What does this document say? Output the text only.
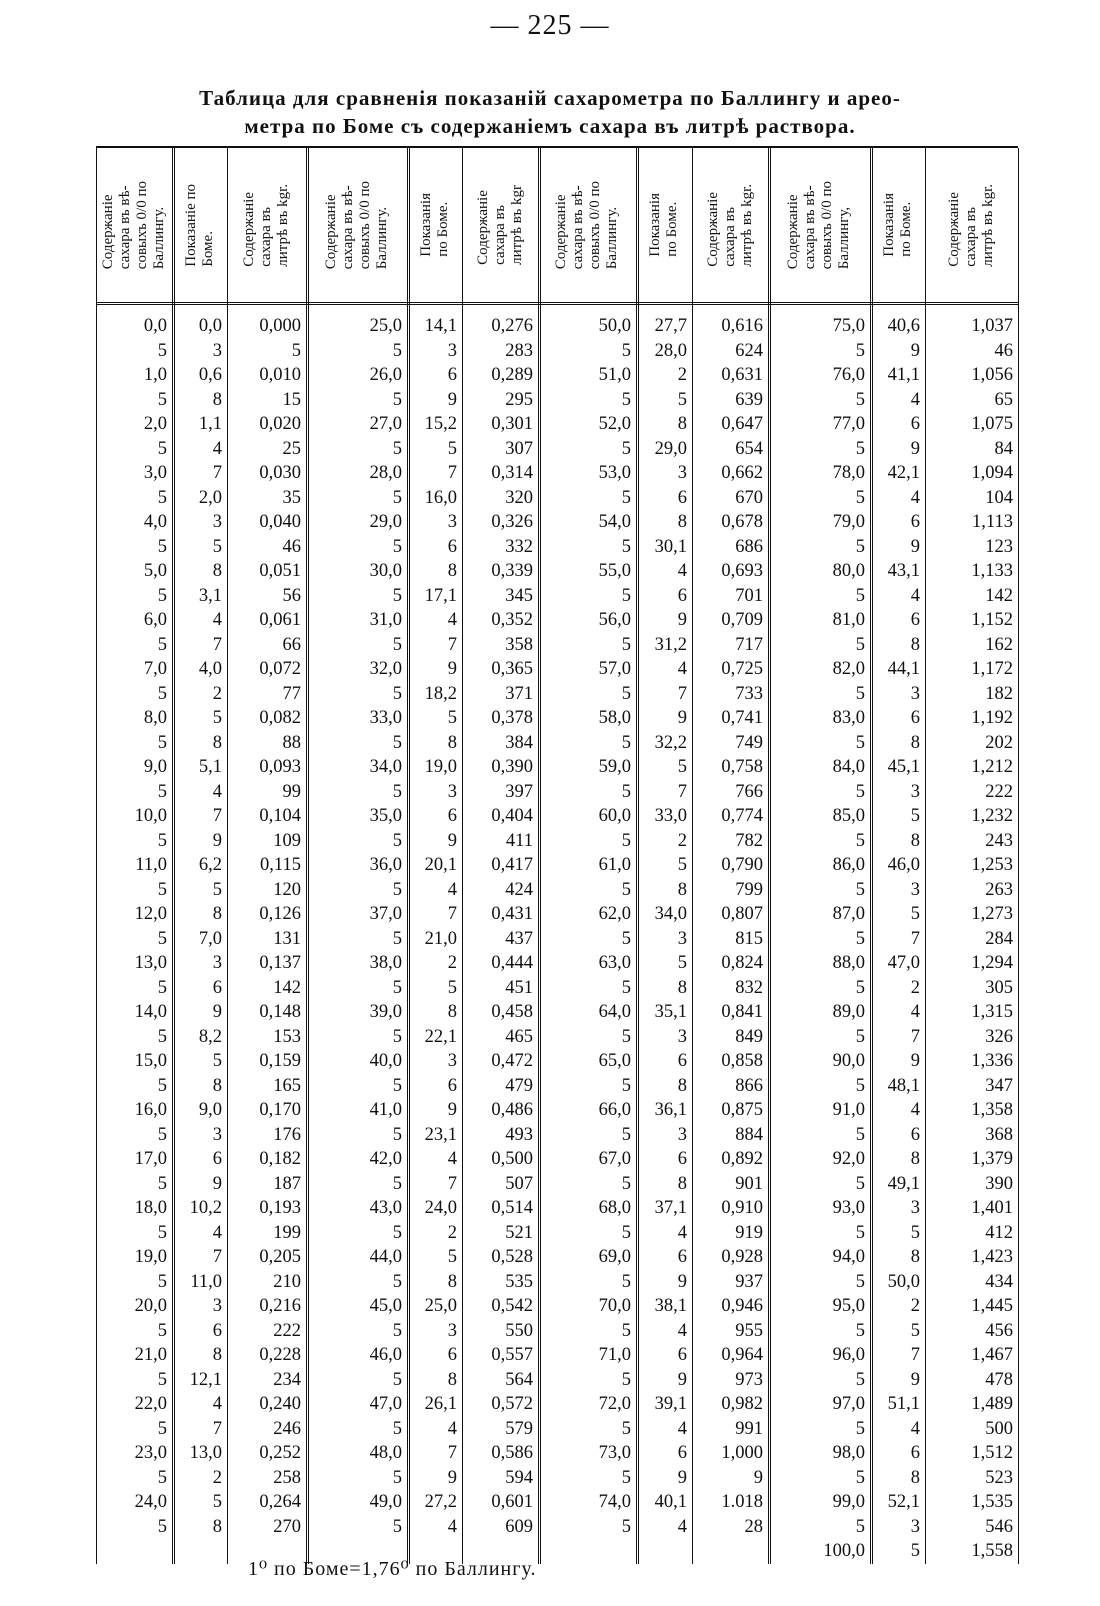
— 225 —
Таблица для сравненія показаній сахарометра по Баллингу и арео-
метра по Боме съ содержаніемъ сахара въ литрѣ раствора.
Содержаніе
сахара въ вѣ-
совыхъ 0/0 по
Баллингу.
0,0
5
1,0
5
2,0
5
3,0
5
4,0
5
5,0
5
6,0
5
7,0
5
8,0
5
9,0
5
10,0
5
11,0
5
12,0
5
13,0
5
14,0
5
15,0
5
16,0
5
17,0
5
18,0
5
19,0
5
20,0
5
21,0
5
22,0
5
23,0
5
24,0
5
Показаніе по
Боме.
0,0
3
0,6
8
1,1
4
7
2,0
3
5
8
3,1
4
7
4,0
2
5
8
5,1
4
7
9
6,2
5
8
7,0
3
6
9
8,2
5
8
9,0
3
6
9
10,2
4
7
11,0
3
6
8
12,1
4
7
13,0
2
5
8
Содержаніе
сахара въ
литрѣ въ kgr.
0,000
5
0,010
15
0,020
25
0,030
35
0,040
46
0,051
56
0,061
66
0,072
77
0,082
88
0,093
99
0,104
109
0,115
120
0,126
131
0,137
142
0,148
153
0,159
165
0,170
176
0,182
187
0,193
199
0,205
210
0,216
222
0,228
234
0,240
246
0,252
258
0,264
270
Содержаніе
сахара въ вѣ-
совыхъ 0/0 по
Баллингу.
25,0
5
26,0
5
27,0
5
28,0
5
29,0
5
30,0
5
31,0
5
32,0
5
33,0
5
34,0
5
35,0
5
36,0
5
37,0
5
38,0
5
39,0
5
40,0
5
41,0
5
42,0
5
43,0
5
44,0
5
45,0
5
46,0
5
47,0
5
48,0
5
49,0
5
Показанія
по Боме.
14,1
3
6
9
15,2
5
7
16,0
3
6
8
17,1
4
7
9
18,2
5
8
19,0
3
6
9
20,1
4
7
21,0
2
5
8
22,1
3
6
9
23,1
4
7
24,0
2
5
8
25,0
3
6
8
26,1
4
7
9
27,2
4
Содержаніе
сахара въ
литрѣ въ kgr
0,276
283
0,289
295
0,301
307
0,314
320
0,326
332
0,339
345
0,352
358
0,365
371
0,378
384
0,390
397
0,404
411
0,417
424
0,431
437
0,444
451
0,458
465
0,472
479
0,486
493
0,500
507
0,514
521
0,528
535
0,542
550
0,557
564
0,572
579
0,586
594
0,601
609
Содержаніе
сахара въ вѣ-
совыхъ 0/0 по
Баллингу.
50,0
5
51,0
5
52,0
5
53,0
5
54,0
5
55,0
5
56,0
5
57,0
5
58,0
5
59,0
5
60,0
5
61,0
5
62,0
5
63,0
5
64,0
5
65,0
5
66,0
5
67,0
5
68,0
5
69,0
5
70,0
5
71,0
5
72,0
5
73,0
5
74,0
5
Показанія
по Боме.
27,7
28,0
2
5
8
29,0
3
6
8
30,1
4
6
9
31,2
4
7
9
32,2
5
7
33,0
2
5
8
34,0
3
5
8
35,1
3
6
8
36,1
3
6
8
37,1
4
6
9
38,1
4
6
9
39,1
4
6
9
40,1
4
Содержаніе
сахара въ
литрѣ въ kgr.
0,616
624
0,631
639
0,647
654
0,662
670
0,678
686
0,693
701
0,709
717
0,725
733
0,741
749
0,758
766
0,774
782
0,790
799
0,807
815
0,824
832
0,841
849
0,858
866
0,875
884
0,892
901
0,910
919
0,928
937
0,946
955
0,964
973
0,982
991
1,000
9
1.018
28
Содержаніе
сахара въ вѣ-
совыхъ 0/0 по
Баллингу,
75,0
5
76,0
5
77,0
5
78,0
5
79,0
5
80,0
5
81,0
5
82,0
5
83,0
5
84,0
5
85,0
5
86,0
5
87,0
5
88,0
5
89,0
5
90,0
5
91,0
5
92,0
5
93,0
5
94,0
5
95,0
5
96,0
5
97,0
5
98,0
5
99,0
5
100,0
Показанія
по Боме.
40,6
9
41,1
4
6
9
42,1
4
6
9
43,1
4
6
8
44,1
3
6
8
45,1
3
5
8
46,0
3
5
7
47,0
2
4
7
9
48,1
4
6
8
49,1
3
5
8
50,0
2
5
7
9
51,1
4
6
8
52,1
3
5
Содержаніе
сахара въ
литрѣ въ kgr.
1,037
46
1,056
65
1,075
84
1,094
104
1,113
123
1,133
142
1,152
162
1,172
182
1,192
202
1,212
222
1,232
243
1,253
263
1,273
284
1,294
305
1,315
326
1,336
347
1,358
368
1,379
390
1,401
412
1,423
434
1,445
456
1,467
478
1,489
500
1,512
523
1,535
546
1,558
1⁰ по Боме=1,76⁰ по Баллингу.
